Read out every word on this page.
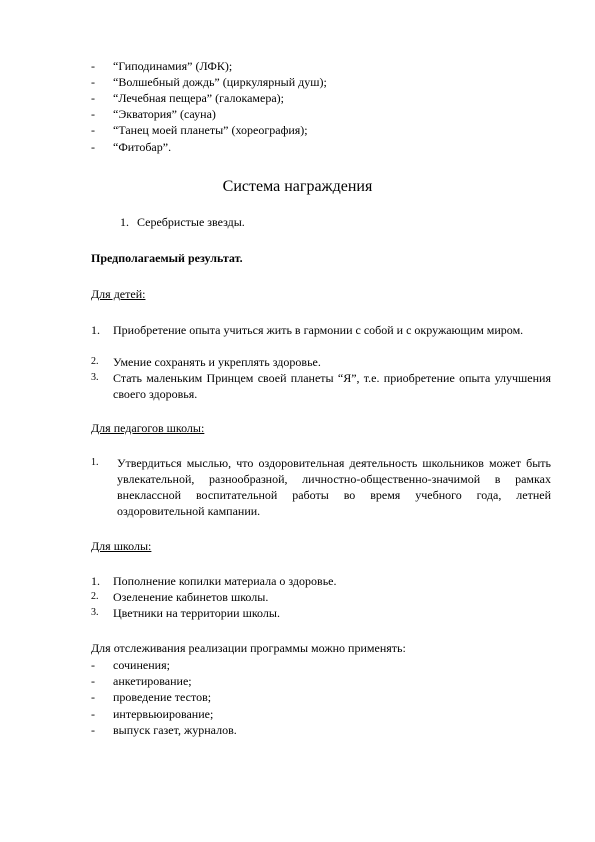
-	“Гиподинамия” (ЛФК);
-	“Волшебный дождь” (циркулярный душ);
-	“Лечебная пещера” (галокамера);
-	“Экватория” (сауна)
-	“Танец моей планеты” (хореография);
-	“Фитобар”.
Система награждения
1. Серебристые звезды.
Предполагаемый результат.
Для детей:
1. Приобретение опыта учиться жить в гармонии с собой и с окружающим миром.
2. Умение сохранять и укреплять здоровье.
3. Стать маленьким Принцем своей планеты “Я”, т.е. приобретение опыта улучшения своего здоровья.
Для педагогов школы:
1. Утвердиться мыслью, что оздоровительная деятельность школьников может быть увлекательной, разнообразной, личностно-общественно-значимой в рамках внеклассной воспитательной работы во время учебного года, летней оздоровительной кампании.
Для школы:
1. Пополнение копилки материала о здоровье.
2. Озеленение кабинетов школы.
3. Цветники на территории школы.
Для отслеживания реализации программы можно применять:
-	сочинения;
-	анкетирование;
-	проведение тестов;
-	интервьюирование;
-	выпуск газет, журналов.
